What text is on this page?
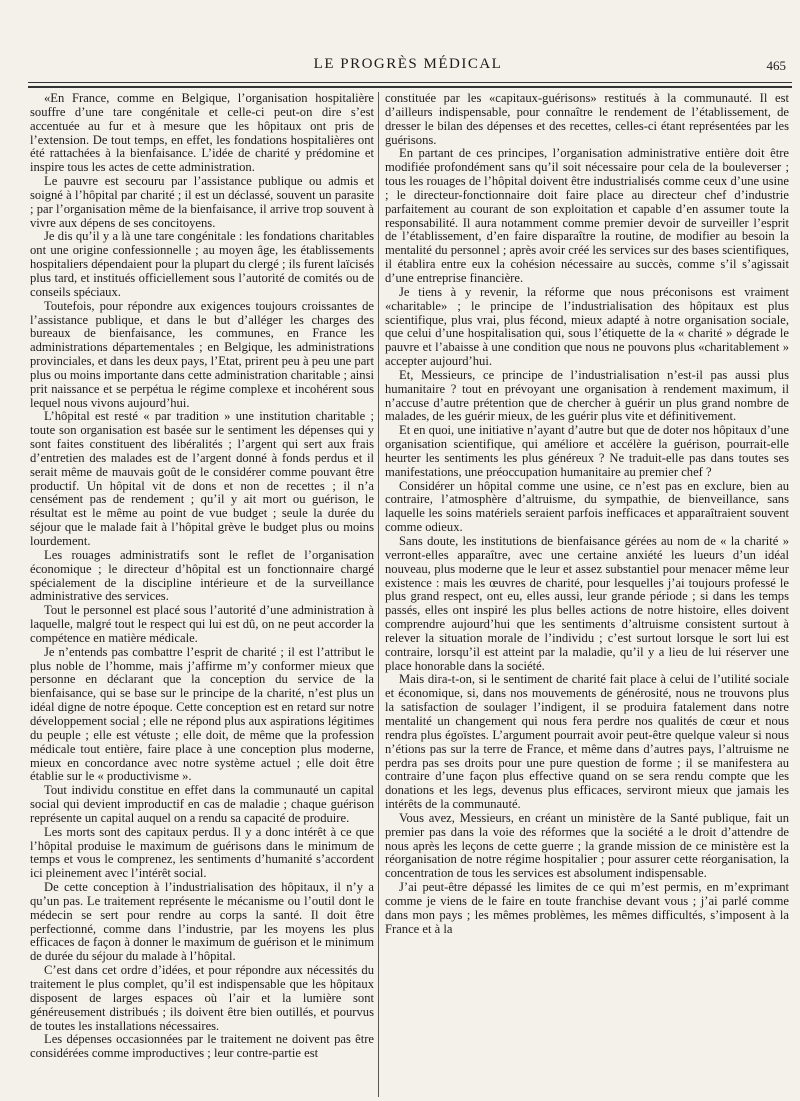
LE PROGRÈS MÉDICAL	465

«En France, comme en Belgique, l’organisation hospitalière souffre d’une tare congénitale et celle-ci peut-on dire s’est accentuée au fur et à mesure que les hôpitaux ont pris de l’extension. De tout temps, en effet, les fondations hospitalières ont été rattachées à la bienfaisance. L’idée de charité y prédomine et inspire tous les actes de cette administration.

Le pauvre est secouru par l’assistance publique ou admis et soigné à l’hôpital par charité ; il est un déclassé, souvent un parasite ; par l’organisation même de la bienfaisance, il arrive trop souvent à vivre aux dépens de ses concitoyens.

Je dis qu’il y a là une tare congénitale : les fondations charitables ont une origine confessionnelle ; au moyen âge, les établissements hospitaliers dépendaient pour la plupart du clergé ; ils furent laïcisés plus tard, et institués officiellement sous l’autorité de comités ou de conseils spéciaux.

Toutefois, pour répondre aux exigences toujours croissantes de l’assistance publique, et dans le but d’alléger les charges des bureaux de bienfaisance, les communes, en France les administrations départementales ; en Belgique, les administrations provinciales, et dans les deux pays, l’Etat, prirent peu à peu une part plus ou moins importante dans cette administration charitable ; ainsi prit naissance et se perpétua le régime complexe et incohérent sous lequel nous vivons aujourd’hui.

L’hôpital est resté « par tradition » une institution charitable ; toute son organisation est basée sur le sentiment les dépenses qui y sont faites constituent des libéralités ; l’argent qui sert aux frais d’entretien des malades est de l’argent donné à fonds perdus et il serait même de mauvais goût de le considérer comme pouvant être productif. Un hôpital vit de dons et non de recettes ; il n’a censément pas de rendement ; qu’il y ait mort ou guérison, le résultat est le même au point de vue budget ; seule la durée du séjour que le malade fait à l’hôpital grève le budget plus ou moins lourdement.

Les rouages administratifs sont le reflet de l’organisation économique ; le directeur d’hôpital est un fonctionnaire chargé spécialement de la discipline intérieure et de la surveillance administrative des services.

Tout le personnel est placé sous l’autorité d’une administration à laquelle, malgré tout le respect qui lui est dû, on ne peut accorder la compétence en matière médicale.

Je n’entends pas combattre l’esprit de charité ; il est l’attribut le plus noble de l’homme, mais j’affirme m’y conformer mieux que personne en déclarant que la conception du service de la bienfaisance, qui se base sur le principe de la charité, n’est plus un idéal digne de notre époque. Cette conception est en retard sur notre développement social ; elle ne répond plus aux aspirations légitimes du peuple ; elle est vétuste ; elle doit, de même que la profession médicale tout entière, faire place à une conception plus moderne, mieux en concordance avec notre système actuel ; elle doit être établie sur le « productivisme ».

Tout individu constitue en effet dans la communauté un capital social qui devient improductif en cas de maladie ; chaque guérison représente un capital auquel on a rendu sa capacité de produire.

Les morts sont des capitaux perdus. Il y a donc intérêt à ce que l’hôpital produise le maximum de guérisons dans le minimum de temps et vous le comprenez, les sentiments d’humanité s’accordent ici pleinement avec l’intérêt social.

De cette conception à l’industrialisation des hôpitaux, il n’y a qu’un pas. Le traitement représente le mécanisme ou l’outil dont le médecin se sert pour rendre au corps la santé. Il doit être perfectionné, comme dans l’industrie, par les moyens les plus efficaces de façon à donner le maximum de guérison et le minimum de durée du séjour du malade à l’hôpital.

C’est dans cet ordre d’idées, et pour répondre aux nécessités du traitement le plus complet, qu’il est indispensable que les hôpitaux disposent de larges espaces où l’air et la lumière sont généreusement distribués ; ils doivent être bien outillés, et pourvus de toutes les installations nécessaires.

Les dépenses occasionnées par le traitement ne doivent pas être considérées comme improductives ; leur contre-partie est

constituée par les «capitaux-guérisons» restitués à la communauté. Il est d’ailleurs indispensable, pour connaître le rendement de l’établissement, de dresser le bilan des dépenses et des recettes, celles-ci étant représentées par les guérisons.

En partant de ces principes, l’organisation administrative entière doit être modifiée profondément sans qu’il soit nécessaire pour cela de la bouleverser ; tous les rouages de l’hôpital doivent être industrialisés comme ceux d’une usine ; le directeur-fonctionnaire doit faire place au directeur chef d’industrie parfaitement au courant de son exploitation et capable d’en assumer toute la responsabilité. Il aura notamment comme premier devoir de surveiller l’esprit de l’établissement, d’en faire disparaître la routine, de modifier au besoin la mentalité du personnel ; après avoir créé les services sur des bases scientifiques, il établira entre eux la cohésion nécessaire au succès, comme s’il s’agissait d’une entreprise financière.

Je tiens à y revenir, la réforme que nous préconisons est vraiment «charitable» ; le principe de l’industrialisation des hôpitaux est plus scientifique, plus vrai, plus fécond, mieux adapté à notre organisation sociale, que celui d’une hospitalisation qui, sous l’étiquette de la « charité » dégrade le pauvre et l’abaisse à une condition que nous ne pouvons plus «charitablement » accepter aujourd’hui.

Et, Messieurs, ce principe de l’industrialisation n’est-il pas aussi plus humanitaire ? tout en prévoyant une organisation à rendement maximum, il n’accuse d’autre prétention que de chercher à guérir un plus grand nombre de malades, de les guérir mieux, de les guérir plus vite et définitivement.

Et en quoi, une initiative n’ayant d’autre but que de doter nos hôpitaux d’une organisation scientifique, qui améliore et accélère la guérison, pourrait-elle heurter les sentiments les plus généreux ? Ne traduit-elle pas dans toutes ses manifestations, une préoccupation humanitaire au premier chef ?

Considérer un hôpital comme une usine, ce n’est pas en exclure, bien au contraire, l’atmosphère d’altruisme, du sympathie, de bienveillance, sans laquelle les soins matériels seraient parfois inefficaces et apparaîtraient souvent comme odieux.

Sans doute, les institutions de bienfaisance gérées au nom de « la charité » verront-elles apparaître, avec une certaine anxiété les lueurs d’un idéal nouveau, plus moderne que le leur et assez substantiel pour menacer même leur existence : mais les œuvres de charité, pour lesquelles j’ai toujours professé le plus grand respect, ont eu, elles aussi, leur grande période ; si dans les temps passés, elles ont inspiré les plus belles actions de notre histoire, elles doivent comprendre aujourd’hui que les sentiments d’altruisme consistent surtout à relever la situation morale de l’individu ; c’est surtout lorsque le sort lui est contraire, lorsqu’il est atteint par la maladie, qu’il y a lieu de lui réserver une place honorable dans la société.

Mais dira-t-on, si le sentiment de charité fait place à celui de l’utilité sociale et économique, si, dans nos mouvements de générosité, nous ne trouvons plus la satisfaction de soulager l’indigent, il se produira fatalement dans notre mentalité un changement qui nous fera perdre nos qualités de cœur et nous rendra plus égoïstes. L’argument pourrait avoir peut-être quelque valeur si nous n’étions pas sur la terre de France, et même dans d’autres pays, l’altruisme ne perdra pas ses droits pour une pure question de forme ; il se manifestera au contraire d’une façon plus effective quand on se sera rendu compte que les donations et les legs, devenus plus efficaces, serviront mieux que jamais les intérêts de la communauté.

Vous avez, Messieurs, en créant un ministère de la Santé publique, fait un premier pas dans la voie des réformes que la société a le droit d’attendre de nous après les leçons de cette guerre ; la grande mission de ce ministère est la réorganisation de notre régime hospitalier ; pour assurer cette réorganisation, la concentration de tous les services est absolument indispensable.

J’ai peut-être dépassé les limites de ce qui m’est permis, en m’exprimant comme je viens de le faire en toute franchise devant vous ; j’ai parlé comme dans mon pays ; les mêmes problèmes, les mêmes difficultés, s’imposent à la France et à la
